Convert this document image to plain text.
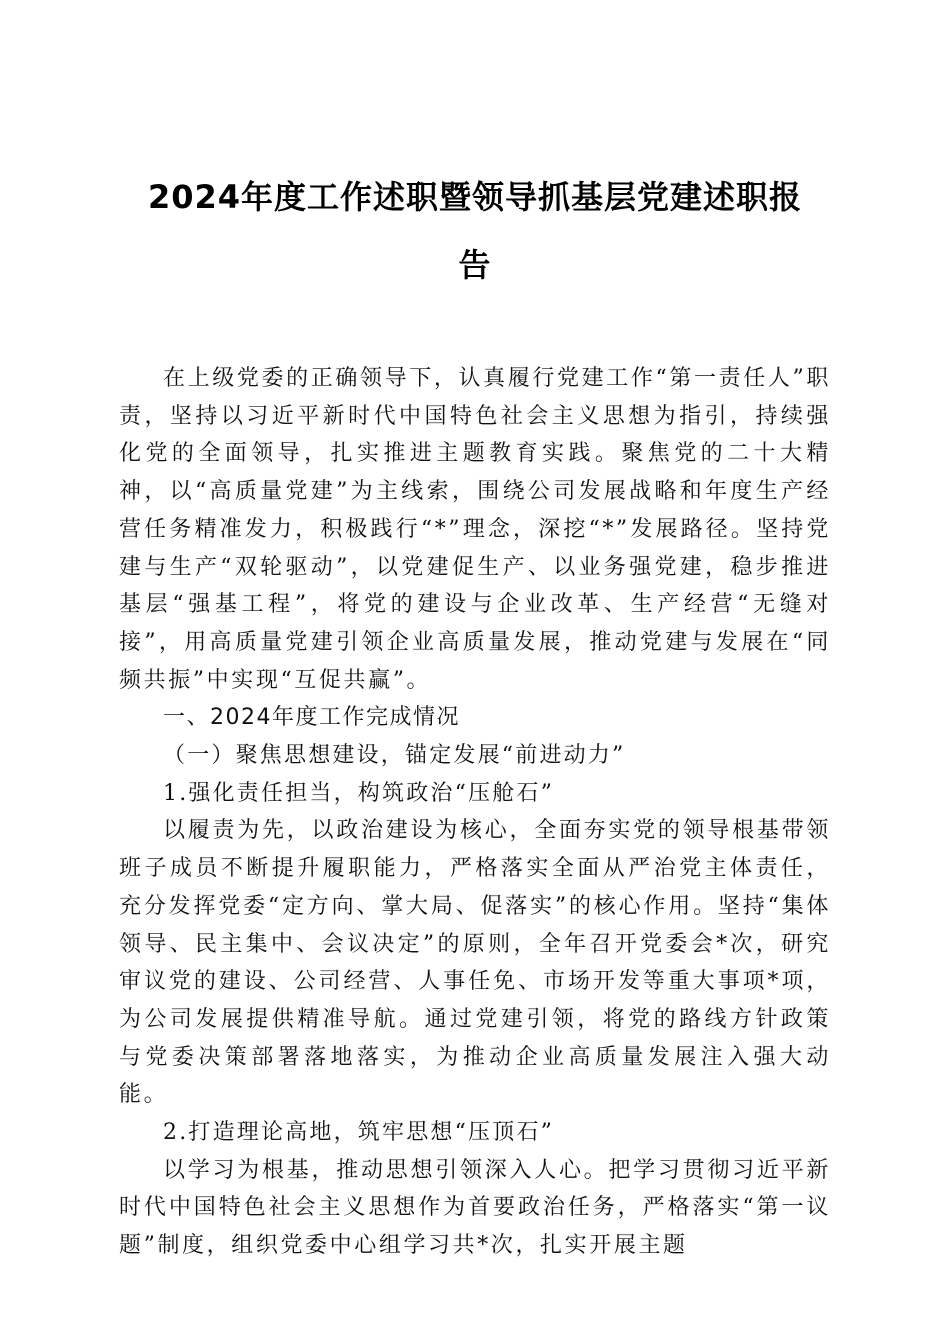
2024年度工作述职暨领导抓基层党建述职报
告

在上级党委的正确领导下，认真履行党建工作“第一责任人”职责，坚持以习近平新时代中国特色社会主义思想为指引，持续强化党的全面领导，扎实推进主题教育实践。聚焦党的二十大精神，以“高质量党建”为主线索，围绕公司发展战略和年度生产经营任务精准发力，积极践行“*”理念，深挖“*”发展路径。坚持党建与生产“双轮驱动”，以党建促生产、以业务强党建，稳步推进基层“强基工程”，将党的建设与企业改革、生产经营“无缝对接”，用高质量党建引领企业高质量发展，推动党建与发展在“同频共振”中实现“互促共赢”。

一、2024年度工作完成情况

（一）聚焦思想建设，锚定发展“前进动力”

1.强化责任担当，构筑政治“压舱石”

以履责为先，以政治建设为核心，全面夯实党的领导根基带领班子成员不断提升履职能力，严格落实全面从严治党主体责任，充分发挥党委“定方向、掌大局、促落实”的核心作用。坚持“集体领导、民主集中、会议决定”的原则，全年召开党委会*次，研究审议党的建设、公司经营、人事任免、市场开发等重大事项*项，为公司发展提供精准导航。通过党建引领，将党的路线方针政策与党委决策部署落地落实，为推动企业高质量发展注入强大动能。

2.打造理论高地，筑牢思想“压顶石”

以学习为根基，推动思想引领深入人心。把学习贯彻习近平新时代中国特色社会主义思想作为首要政治任务，严格落实“第一议题”制度，组织党委中心组学习共*次，扎实开展主题
